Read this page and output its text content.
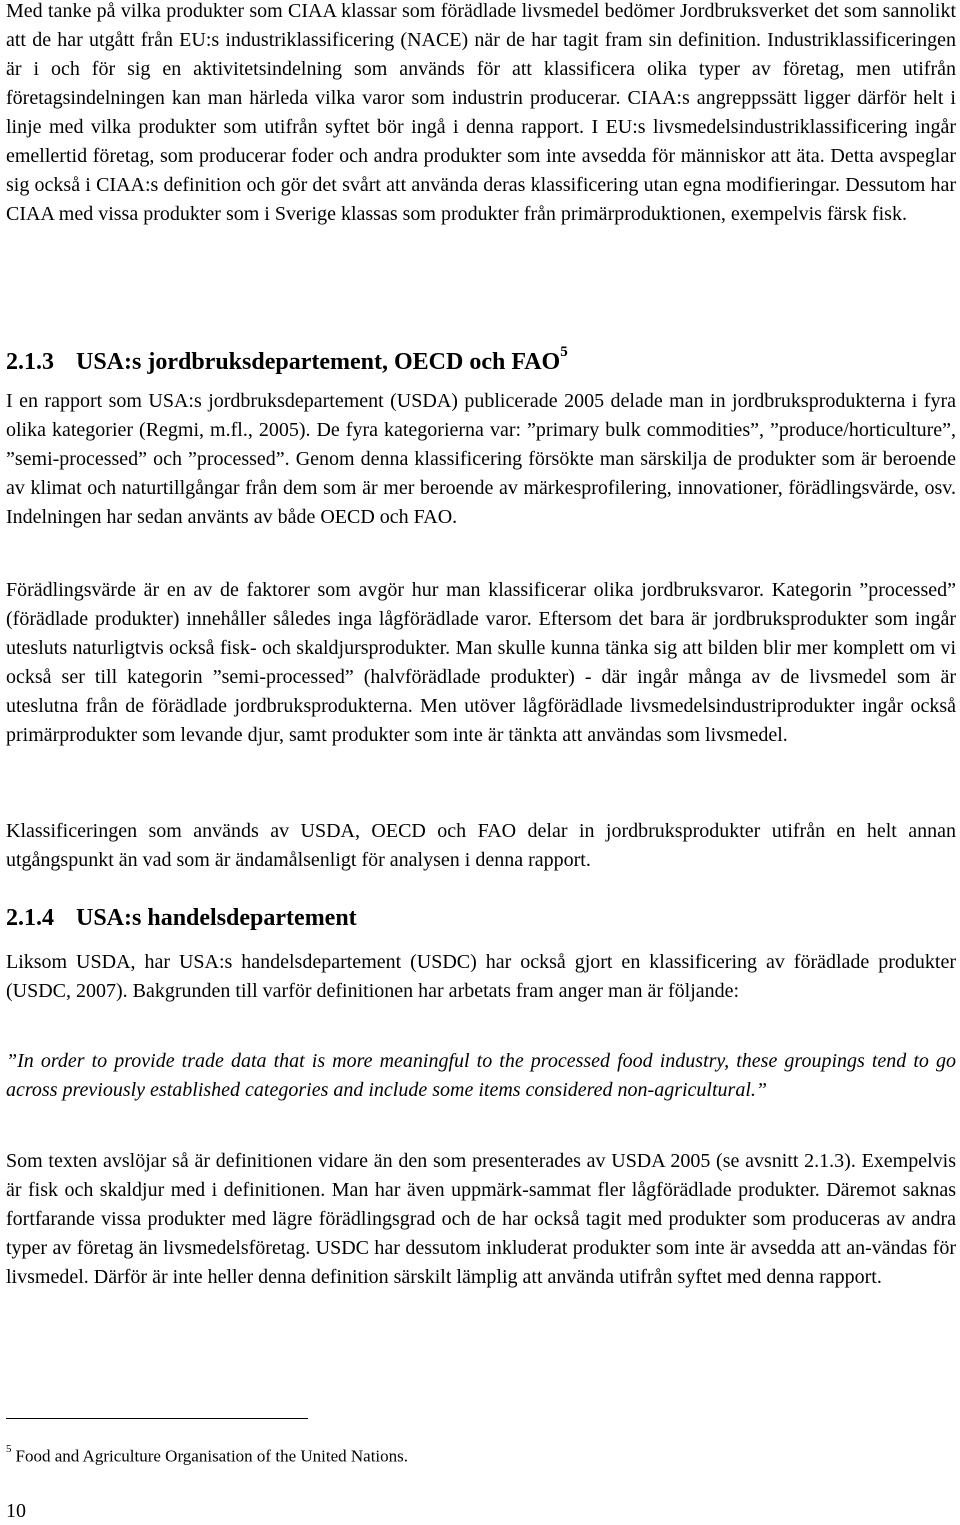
Med tanke på vilka produkter som CIAA klassar som förädlade livsmedel bedömer Jordbruksverket det som sannolikt att de har utgått från EU:s industriklassificering (NACE) när de har tagit fram sin definition. Industriklassificeringen är i och för sig en aktivitetsindelning som används för att klassificera olika typer av företag, men utifrån företagsindelningen kan man härleda vilka varor som industrin producerar. CIAA:s angreppssätt ligger därför helt i linje med vilka produkter som utifrån syftet bör ingå i denna rapport. I EU:s livsmedelsindustriklassificering ingår emellertid företag, som producerar foder och andra produkter som inte avsedda för människor att äta. Detta avspeglar sig också i CIAA:s definition och gör det svårt att använda deras klassificering utan egna modifieringar. Dessutom har CIAA med vissa produkter som i Sverige klassas som produkter från primärproduktionen, exempelvis färsk fisk.

2.1.3 USA:s jordbruksdepartement, OECD och FAO$^5$

I en rapport som USA:s jordbruksdepartement (USDA) publicerade 2005 delade man in jordbruksprodukterna i fyra olika kategorier (Regmi, m.fl., 2005). De fyra kategorierna var: ”primary bulk commodities”, ”produce/horticulture”, ”semi-processed” och ”processed”. Genom denna klassificering försökte man särskilja de produkter som är beroende av klimat och naturtillgångar från dem som är mer beroende av märkesprofilering, innovationer, förädlingsvärde, osv. Indelningen har sedan använts av både OECD och FAO.

Förädlingsvärde är en av de faktorer som avgör hur man klassificerar olika jordbruksvaror. Kategorin ”processed” (förädlade produkter) innehåller således inga lågförädlade varor. Eftersom det bara är jordbruksprodukter som ingår utesluts naturligtvis också fisk- och skaldjursprodukter. Man skulle kunna tänka sig att bilden blir mer komplett om vi också ser till kategorin ”semi-processed” (halvförädlade produkter) - där ingår många av de livsmedel som är uteslutna från de förädlade jordbruksprodukterna. Men utöver lågförädlade livsmedelsindustriprodukter ingår också primärprodukter som levande djur, samt produkter som inte är tänkta att användas som livsmedel.

Klassificeringen som används av USDA, OECD och FAO delar in jordbruksprodukter utifrån en helt annan utgångspunkt än vad som är ändamålsenligt för analysen i denna rapport.

2.1.4 USA:s handelsdepartement

Liksom USDA, har USA:s handelsdepartement (USDC) har också gjort en klassificering av förädlade produkter (USDC, 2007). Bakgrunden till varför definitionen har arbetats fram anger man är följande:

”In order to provide trade data that is more meaningful to the processed food industry, these groupings tend to go across previously established categories and include some items considered non-agricultural.”

Som texten avslöjar så är definitionen vidare än den som presenterades av USDA 2005 (se avsnitt 2.1.3). Exempelvis är fisk och skaldjur med i definitionen. Man har även uppmärk-sammat fler lågförädlade produkter. Däremot saknas fortfarande vissa produkter med lägre förädlingsgrad och de har också tagit med produkter som produceras av andra typer av företag än livsmedelsföretag. USDC har dessutom inkluderat produkter som inte är avsedda att an-vändas för livsmedel. Därför är inte heller denna definition särskilt lämplig att använda utifrån syftet med denna rapport.

$^5$ Food and Agriculture Organisation of the United Nations.
10
